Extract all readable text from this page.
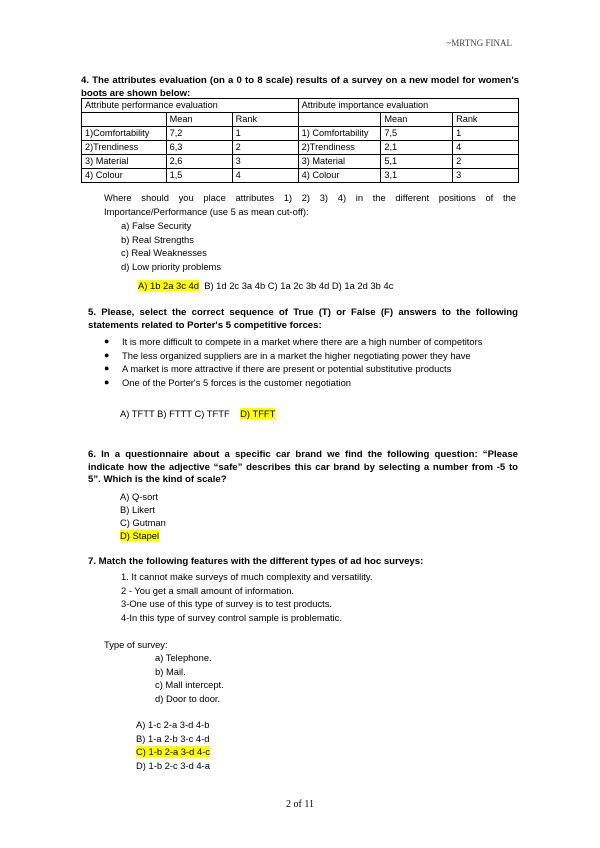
~MRTNG FINAL
4. The attributes evaluation (on a 0 to 8 scale) results of a survey on a new model for women's boots are shown below:
Attribute performance evaluation			Attribute importance evaluation		
	Mean	Rank		Mean	Rank
1)Comfortability	7,2	1	1) Comfortability	7,5	1
2)Trendiness	6,3	2	2)Trendiness	2,1	4
3) Material	2,6	3	3) Material	5,1	2
4) Colour	1,5	4	4) Colour	3,1	3
Where should you place attributes 1) 2) 3) 4) in the different positions of the Importance/Performance (use 5 as mean cut-off):
a) False Security
b) Real Strengths
c) Real Weaknesses
d) Low priority problems
A) 1b 2a 3c 4d B) 1d 2c 3a 4b C) 1a 2c 3b 4d D) 1a 2d 3b 4c
5. Please, select the correct sequence of True (T) or False (F) answers to the following statements related to Porter's 5 competitive forces:
●	It is more difficult to compete in a market where there are a high number of competitors
●	The less organized suppliers are in a market the higher negotiating power they have
●	A market is more attractive if there are present or potential substitutive products
●	One of the Porter's 5 forces is the customer negotiation
A) TFTT B) FTTT C) TFTF D) TFFT
6. In a questionnaire about a specific car brand we find the following question: “Please indicate how the adjective “safe” describes this car brand by selecting a number from -5 to 5”. Which is the kind of scale?
A) Q-sort
B) Likert
C) Gutman
D) Stapel
7. Match the following features with the different types of ad hoc surveys:
1. It cannot make surveys of much complexity and versatility.
2 - You get a small amount of information.
3-One use of this type of survey is to test products.
4-In this type of survey control sample is problematic.
Type of survey:
a) Telephone.
b) Mail.
c) Mall intercept.
d) Door to door.
A) 1-c 2-a 3-d 4-b
B) 1-a 2-b 3-c 4-d
C) 1-b 2-a 3-d 4-c
D) 1-b 2-c 3-d 4-a
2 of 11
